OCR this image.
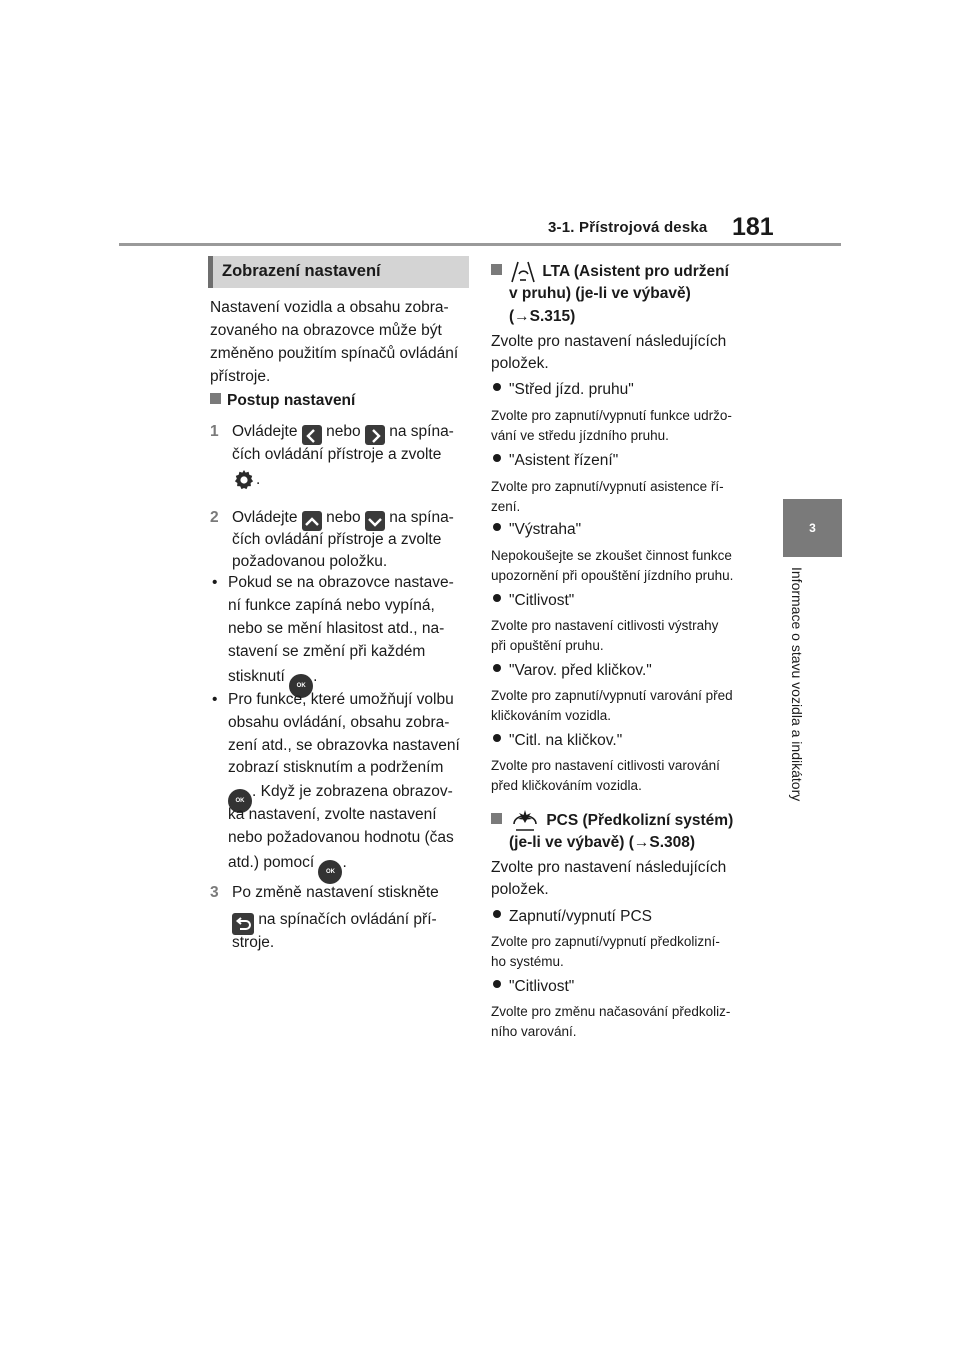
3-1. Přístrojová deska 181
3
Informace o stavu vozidla a indikátory
Zobrazení nastavení
Nastavení vozidla a obsahu zobra-
zovaného na obrazovce může být
změněno použitím spínačů ovládání
přístroje.
Postup nastavení
1 Ovládejte nebo na spína-
čích ovládání přístroje a zvolte
.
2 Ovládejte nebo na spína-
čích ovládání přístroje a zvolte
požadovanou položku.
• Pokud se na obrazovce nastave-
ní funkce zapíná nebo vypíná,
nebo se mění hlasitost atd., na-
stavení se změní při každém
stisknutí OK.
• Pro funkce, které umožňují volbu
obsahu ovládání, obsahu zobra-
zení atd., se obrazovka nastavení
zobrazí stisknutím a podržením
OK. Když je zobrazena obrazov-
ka nastavení, zvolte nastavení
nebo požadovanou hodnotu (čas
atd.) pomocí OK.
3 Po změně nastavení stiskněte
na spínačích ovládání pří-
stroje.
LTA (Asistent pro udržení
v pruhu) (je-li ve výbavě)
(→S.315)
Zvolte pro nastavení následujících
položek.
"Střed jízd. pruhu"
Zvolte pro zapnutí/vypnutí funkce udržo-
vání ve středu jízdního pruhu.
"Asistent řízení"
Zvolte pro zapnutí/vypnutí asistence ří-
zení.
"Výstraha"
Nepokoušejte se zkoušet činnost funkce
upozornění při opouštění jízdního pruhu.
"Citlivost"
Zvolte pro nastavení citlivosti výstrahy
při opuštění pruhu.
"Varov. před kličkov."
Zvolte pro zapnutí/vypnutí varování před
kličkováním vozidla.
"Citl. na kličkov."
Zvolte pro nastavení citlivosti varování
před kličkováním vozidla.
PCS (Předkolizní systém)
(je-li ve výbavě) (→S.308)
Zvolte pro nastavení následujících
položek.
Zapnutí/vypnutí PCS
Zvolte pro zapnutí/vypnutí předkolizní-
ho systému.
"Citlivost"
Zvolte pro změnu načasování předkoliz-
ního varování.
